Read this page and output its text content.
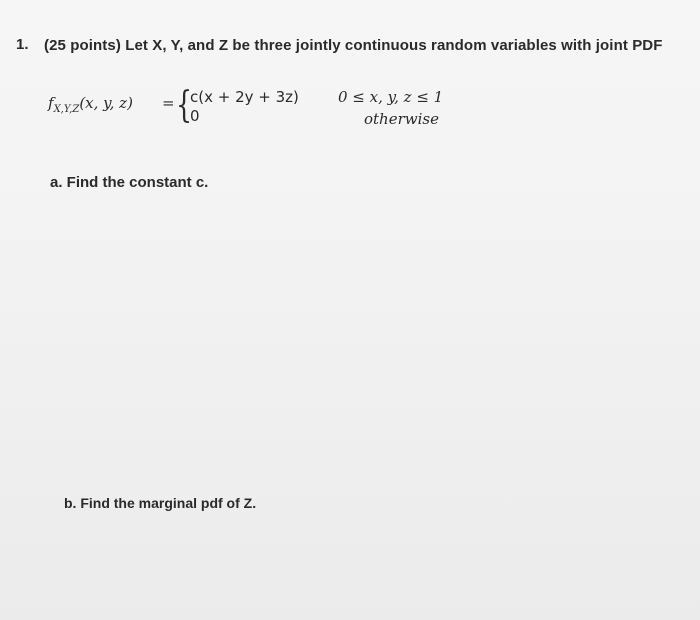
1. (25 points) Let X, Y, and Z be three jointly continuous random variables with joint PDF
$f_{X,Y,Z}(x$, y, z) = {
c(x + 2y + 3z)
0
0 ≤ x, y, z ≤ 1
otherwise
a. Find the constant c.
b. Find the marginal pdf of Z.
